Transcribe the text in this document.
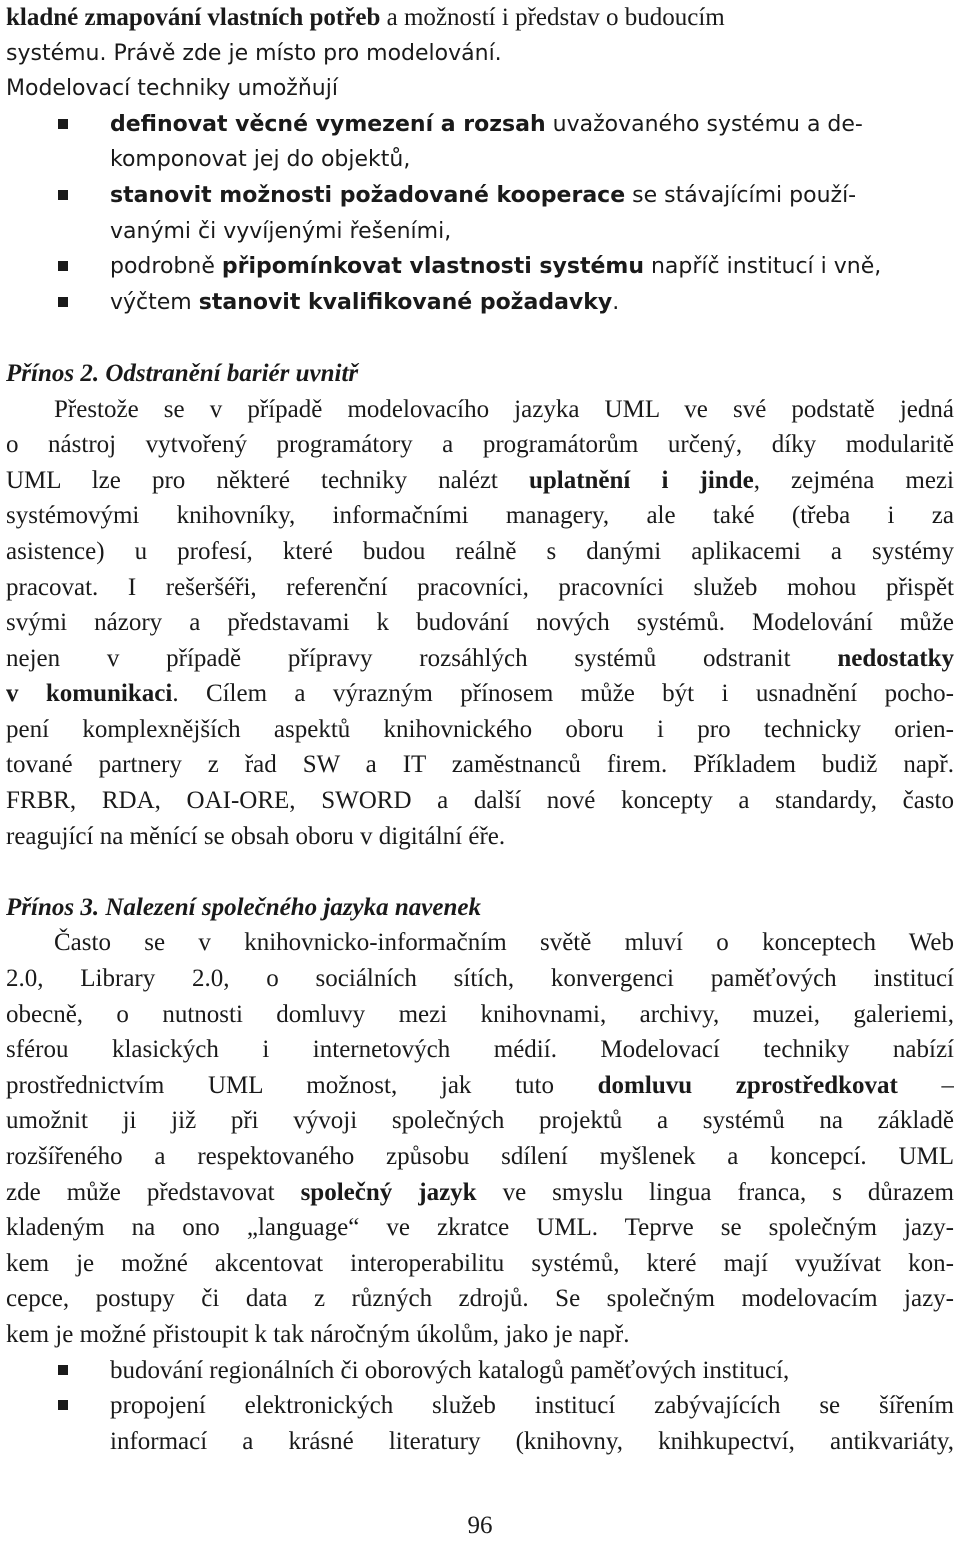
kladné zmapování vlastních potřeb a možností i představ o budoucím
systému. Právě zde je místo pro modelování.
Modelovací techniky umožňují
definovat věcné vymezení a rozsah uvažovaného systému a de-
komponovat jej do objektů,
stanovit možnosti požadované kooperace se stávajícími použí-
vanými či vyvíjenými řešeními,
podrobně připomínkovat vlastnosti systému napříč institucí i vně,
výčtem stanovit kvalifikované požadavky.
Přínos 2. Odstranění bariér uvnitř
Přestože se v případě modelovacího jazyka UML ve své podstatě jedná
o nástroj vytvořený programátory a programátorům určený, díky modularitě
UML lze pro některé techniky nalézt uplatnění i jinde, zejména mezi
systémovými knihovníky, informačními managery, ale také (třeba i za
asistence) u profesí, které budou reálně s danými aplikacemi a systémy
pracovat. I rešeršéři, referenční pracovníci, pracovníci služeb mohou přispět
svými názory a představami k budování nových systémů. Modelování může
nejen v případě přípravy rozsáhlých systémů odstranit nedostatky
v komunikaci. Cílem a výrazným přínosem může být i usnadnění pocho-
pení komplexnějších aspektů knihovnického oboru i pro technicky orien-
tované partnery z řad SW a IT zaměstnanců firem. Příkladem budiž např.
FRBR, RDA, OAI-ORE, SWORD a další nové koncepty a standardy, často
reagující na měnící se obsah oboru v digitální éře.
Přínos 3. Nalezení společného jazyka navenek
Často se v knihovnicko-informačním světě mluví o konceptech Web
2.0, Library 2.0, o sociálních sítích, konvergenci paměťových institucí
obecně, o nutnosti domluvy mezi knihovnami, archivy, muzei, galeriemi,
sférou klasických i internetových médií. Modelovací techniky nabízí
prostřednictvím UML možnost, jak tuto domluvu zprostředkovat –
umožnit ji již při vývoji společných projektů a systémů na základě
rozšířeného a respektovaného způsobu sdílení myšlenek a koncepcí. UML
zde může představovat společný jazyk ve smyslu lingua franca, s důrazem
kladeným na ono „language“ ve zkratce UML. Teprve se společným jazy-
kem je možné akcentovat interoperabilitu systémů, které mají využívat kon-
cepce, postupy či data z různých zdrojů. Se společným modelovacím jazy-
kem je možné přistoupit k tak náročným úkolům, jako je např.
budování regionálních či oborových katalogů paměťových institucí,
propojení elektronických služeb institucí zabývajících se šířením
informací a krásné literatury (knihovny, knihkupectví, antikvariáty,
96
